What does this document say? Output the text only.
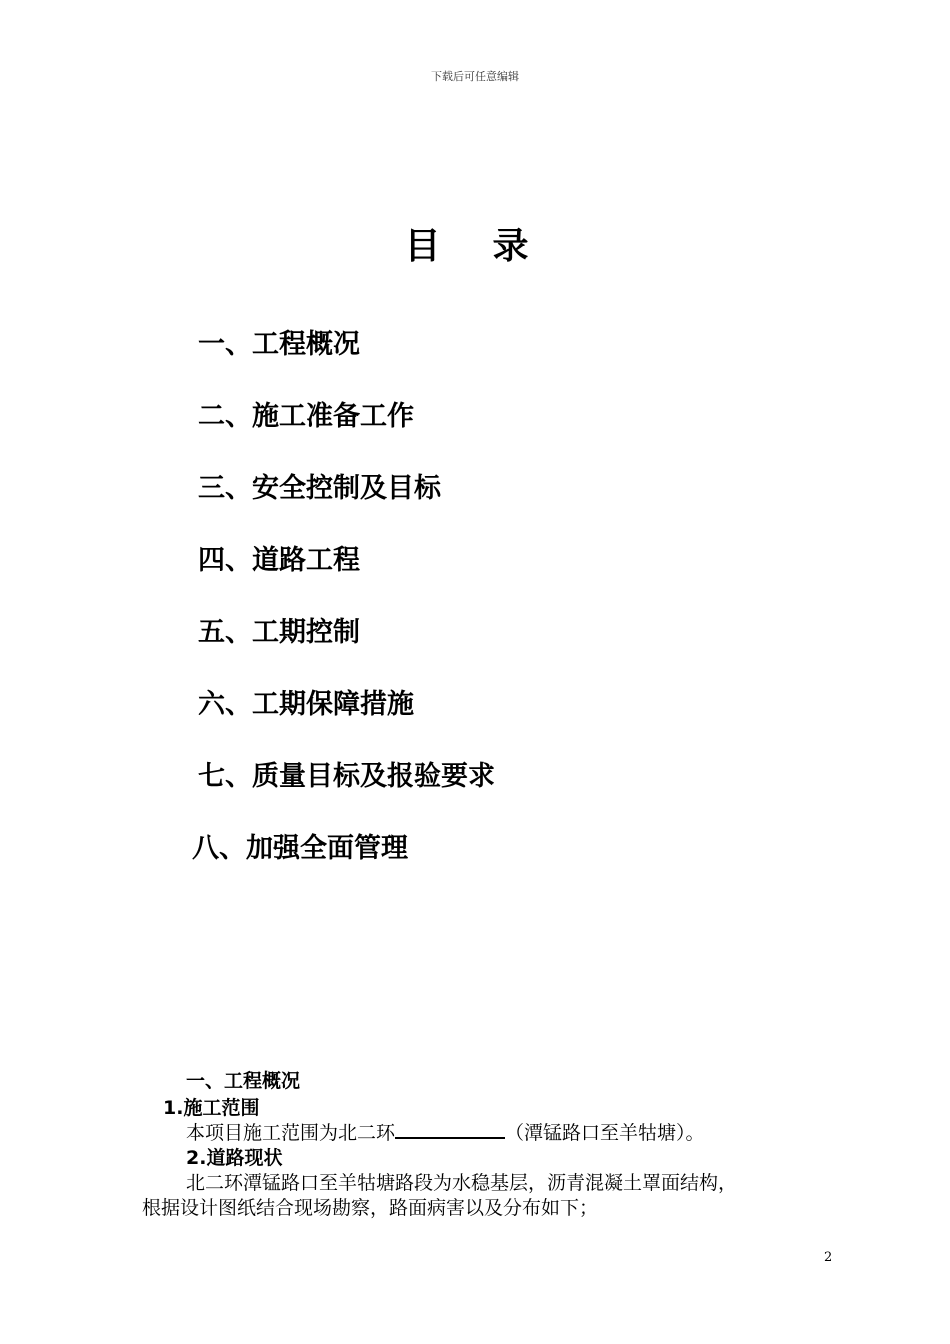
下载后可任意编辑
目录
一、工程概况
二、施工准备工作
三、安全控制及目标
四、道路工程
五、工期控制
六、工期保障措施
七、质量目标及报验要求
八、加强全面管理
一、工程概况
1.施工范围
本项目施工范围为北二环	（潭锰路口至羊牯塘）。
2.道路现状
北二环潭锰路口至羊牯塘路段为水稳基层，沥青混凝土罩面结构，
根据设计图纸结合现场勘察，路面病害以及分布如下；
2
